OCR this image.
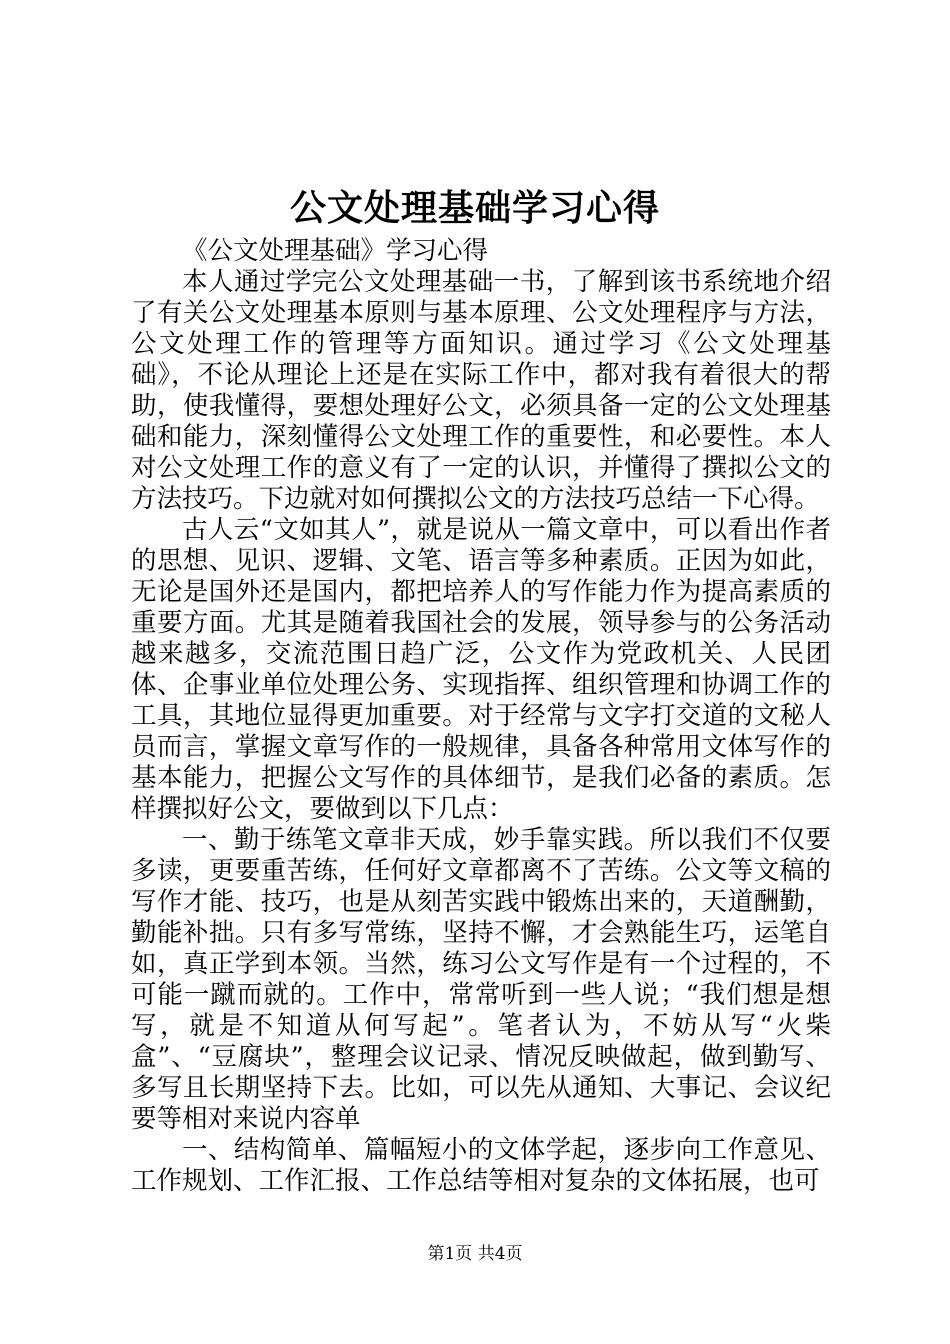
公文处理基础学习心得

《公文处理基础》学习心得

本人通过学完公文处理基础一书，了解到该书系统地介绍了有关公文处理基本原则与基本原理、公文处理程序与方法，公文处理工作的管理等方面知识。通过学习《公文处理基础》，不论从理论上还是在实际工作中，都对我有着很大的帮助，使我懂得，要想处理好公文，必须具备一定的公文处理基础和能力，深刻懂得公文处理工作的重要性，和必要性。本人对公文处理工作的意义有了一定的认识，并懂得了撰拟公文的方法技巧。下边就对如何撰拟公文的方法技巧总结一下心得。

古人云“文如其人”，就是说从一篇文章中，可以看出作者的思想、见识、逻辑、文笔、语言等多种素质。正因为如此，无论是国外还是国内，都把培养人的写作能力作为提高素质的重要方面。尤其是随着我国社会的发展，领导参与的公务活动越来越多，交流范围日趋广泛，公文作为党政机关、人民团体、企事业单位处理公务、实现指挥、组织管理和协调工作的工具，其地位显得更加重要。对于经常与文字打交道的文秘人员而言，掌握文章写作的一般规律，具备各种常用文体写作的基本能力，把握公文写作的具体细节，是我们必备的素质。怎样撰拟好公文，要做到以下几点：

一、勤于练笔文章非天成，妙手靠实践。所以我们不仅要多读，更要重苦练，任何好文章都离不了苦练。公文等文稿的写作才能、技巧，也是从刻苦实践中锻炼出来的，天道酬勤，勤能补拙。只有多写常练，坚持不懈，才会熟能生巧，运笔自如，真正学到本领。当然，练习公文写作是有一个过程的，不可能一蹴而就的。工作中，常常听到一些人说；“我们想是想写，就是不知道从何写起”。笔者认为，不妨从写“火柴盒”、“豆腐块”，整理会议记录、情况反映做起，做到勤写、多写且长期坚持下去。比如，可以先从通知、大事记、会议纪要等相对来说内容单

一、结构简单、篇幅短小的文体学起，逐步向工作意见、工作规划、工作汇报、工作总结等相对复杂的文体拓展，也可

第1页 共4页
